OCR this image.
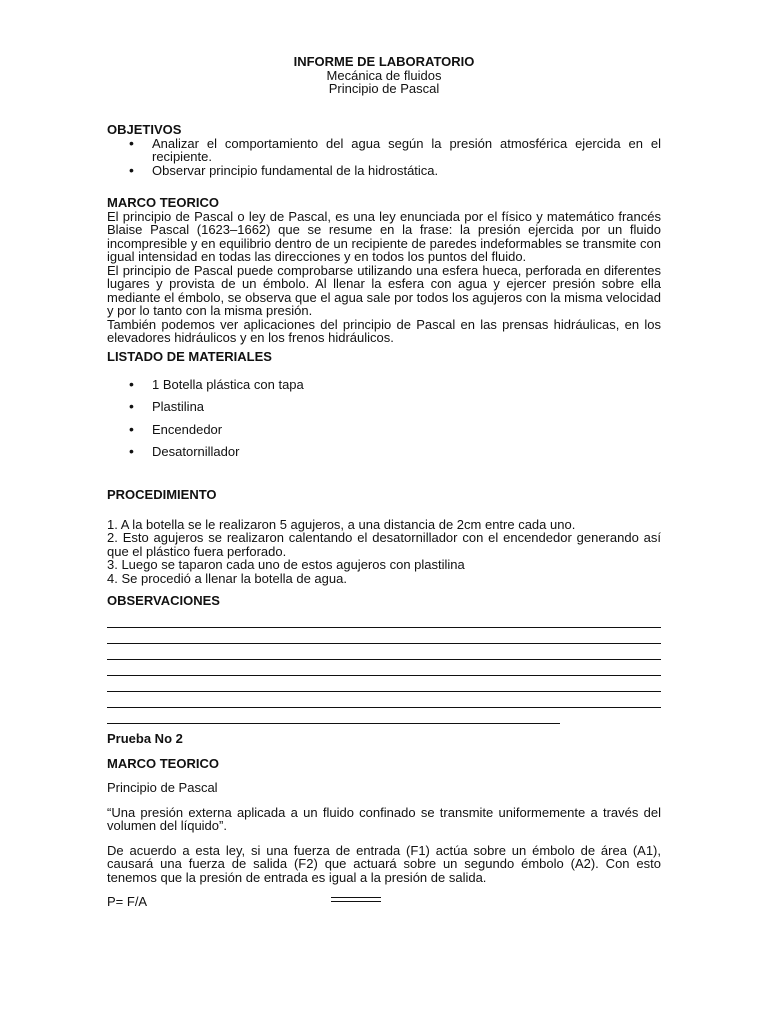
INFORME DE LABORATORIO
Mecánica de fluidos
Principio de Pascal

OBJETIVOS

• Analizar el comportamiento del agua según la presión atmosférica ejercida en el recipiente.
• Observar principio fundamental de la hidrostática.

MARCO TEORICO

El principio de Pascal o ley de Pascal, es una ley enunciada por el físico y matemático francés Blaise Pascal (1623–1662) que se resume en la frase: la presión ejercida por un fluido incompresible y en equilibrio dentro de un recipiente de paredes indeformables se transmite con igual intensidad en todas las direcciones y en todos los puntos del fluido.

El principio de Pascal puede comprobarse utilizando una esfera hueca, perforada en diferentes lugares y provista de un émbolo. Al llenar la esfera con agua y ejercer presión sobre ella mediante el émbolo, se observa que el agua sale por todos los agujeros con la misma velocidad y por lo tanto con la misma presión.

También podemos ver aplicaciones del principio de Pascal en las prensas hidráulicas, en los elevadores hidráulicos y en los frenos hidráulicos.

LISTADO DE MATERIALES

• 1 Botella plástica con tapa
• Plastilina
• Encendedor
• Desatornillador

PROCEDIMIENTO

1. A la botella se le realizaron 5 agujeros, a una distancia de 2cm entre cada uno.

2. Esto agujeros se realizaron calentando el desatornillador con el encendedor generando así que el plástico fuera perforado.

3. Luego se taparon cada uno de estos agujeros con plastilina

4. Se procedió a llenar la botella de agua.

OBSERVACIONES

Prueba No 2

MARCO TEORICO

Principio de Pascal

“Una presión externa aplicada a un fluido confinado se transmite uniformemente a través del volumen del líquido”.

De acuerdo a esta ley, si una fuerza de entrada (F1) actúa sobre un émbolo de área (A1), causará una fuerza de salida (F2) que actuará sobre un segundo émbolo (A2). Con esto tenemos que la presión de entrada es igual a la presión de salida.

P= F/A
